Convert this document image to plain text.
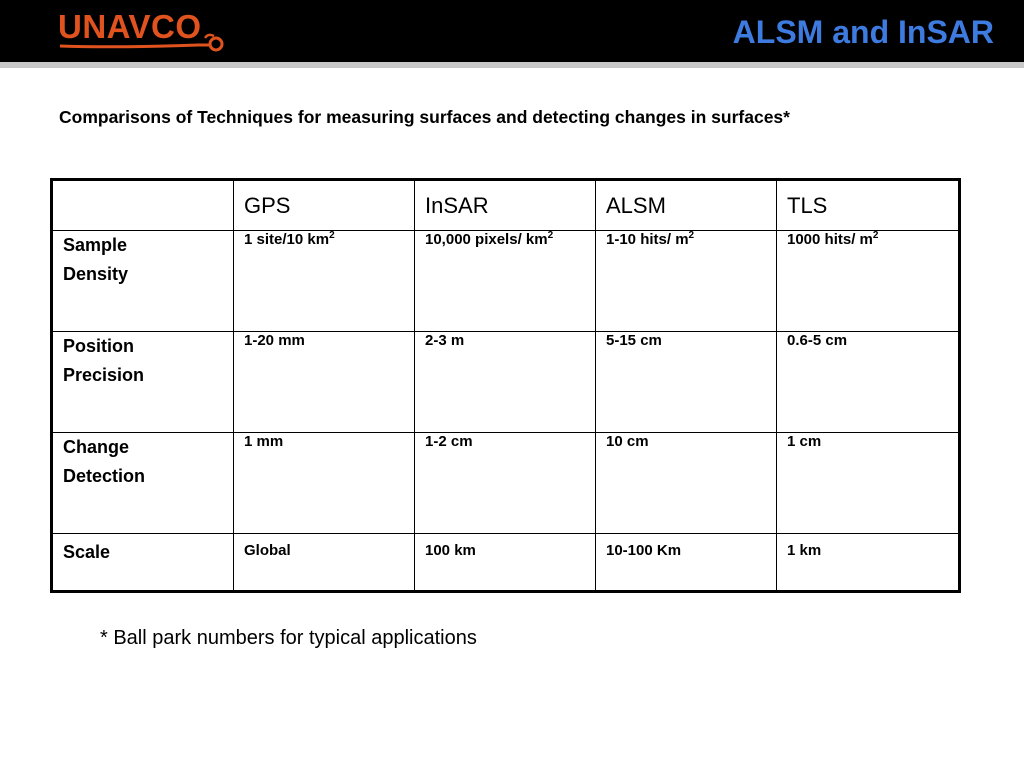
UNAVCO	ALSM and InSAR
Comparisons of Techniques for measuring surfaces and detecting changes in surfaces*
	GPS	InSAR	ALSM	TLS

Sample
Density	1 site/10 $km^2$	10,000 pixels/ $km^2$	1-10 hits/ $m^2$	1000 hits/ $m^2$

Position
Precision	1-20 mm	2-3 m	5-15 cm	0.6-5 cm

Change
Detection	1 mm	1-2 cm	10 cm	1 cm

Scale	Global	100 km	10-100 Km	1 km
* Ball park numbers for typical applications
